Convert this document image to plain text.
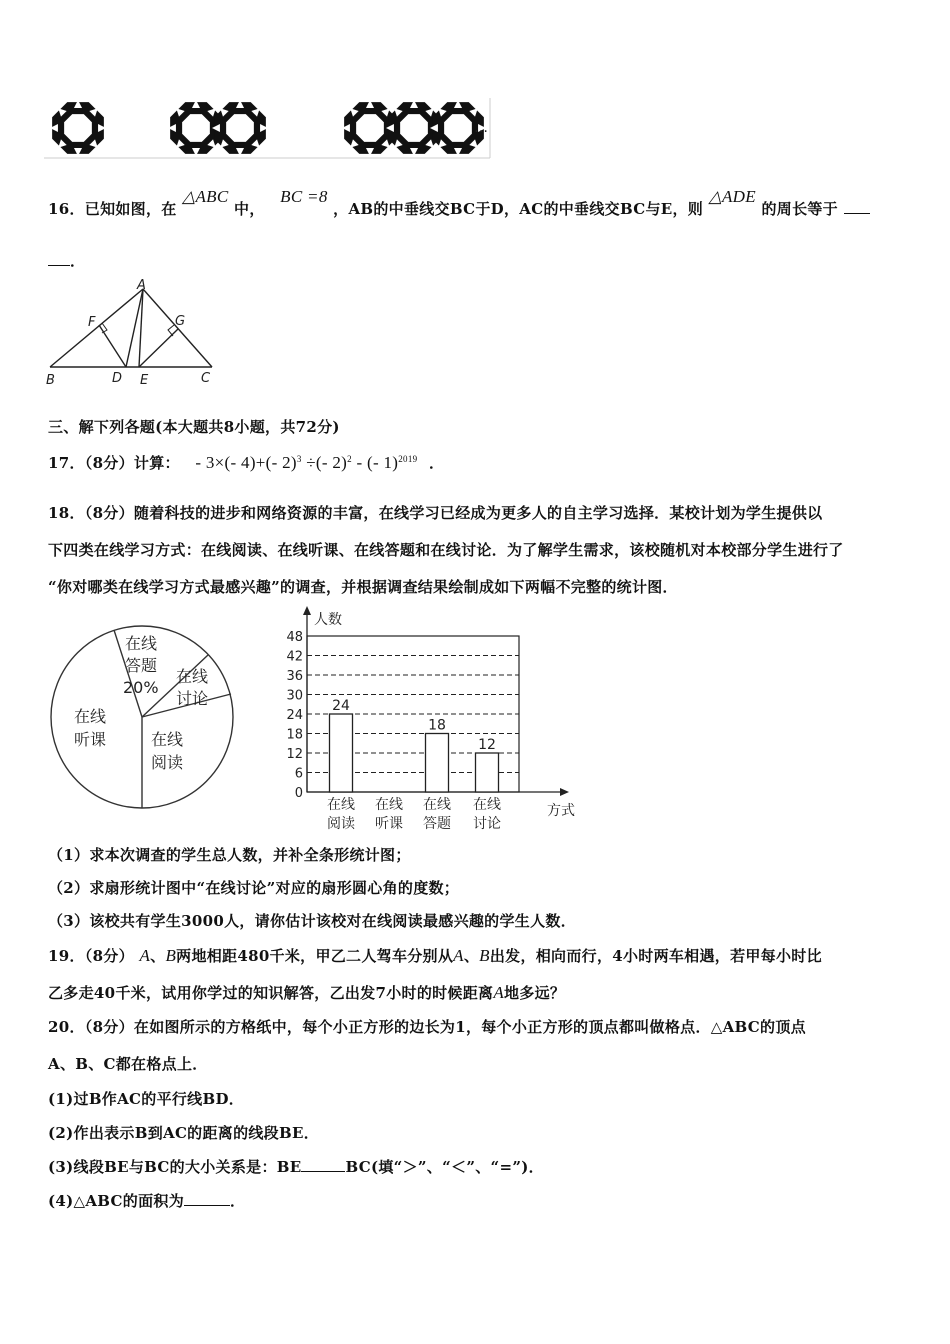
…
16．已知如图，在 △ABC 中， BC =8 ，AB的中垂线交BC于D，AC的中垂线交BC与E，则 △ADE 的周长等于
．
A
B	C
D E
F	G
三、解下列各题(本大题共8小题，共72分)
17．（8分）计算： - 3×(- 4)+(- 2)$^3$ ÷(- 2)$^2$ - (- 1)$^{2019}$ ．
18．（8分）随着科技的进步和网络资源的丰富，在线学习已经成为更多人的自主学习选择．某校计划为学生提供以
下四类在线学习方式：在线阅读、在线听课、在线答题和在线讨论．为了解学生需求，该校随机对本校部分学生进行了
“你对哪类在线学习方式最感兴趣”的调查，并根据调查结果绘制成如下两幅不完整的统计图．
在线
答题
20%
在线
讨论
在线
听课	在线
阅读
0
6
12
18
24
30
36
42
48
人数
方式
24
在线
阅读
在线
听课
18
在线
答题
12
在线
讨论
（1）求本次调查的学生总人数，并补全条形统计图；
（2）求扇形统计图中“在线讨论”对应的扇形圆心角的度数；
（3）该校共有学生3000人，请你估计该校对在线阅读最感兴趣的学生人数．
19．（8分） A、B两地相距480千米，甲乙二人驾车分别从A、B出发，相向而行，4小时两车相遇，若甲每小时比
乙多走40千米，试用你学过的知识解答，乙出发7小时的时候距离A地多远？
20．（8分）在如图所示的方格纸中，每个小正方形的边长为1，每个小正方形的顶点都叫做格点．△ABC的顶点
A、B、C都在格点上．
(1)过B作AC的平行线BD．
(2)作出表示B到AC的距离的线段BE．
(3)线段BE与BC的大小关系是：BE	BC(填“＞”、“＜”、“=”)．
(4)△ABC的面积为	．
